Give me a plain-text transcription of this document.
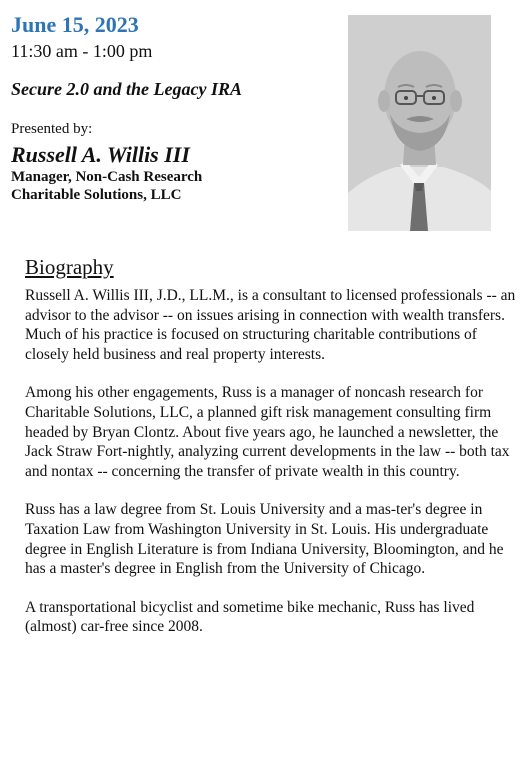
June 15, 2023
11:30 am - 1:00 pm
Secure 2.0 and the Legacy IRA
Presented by:
Russell A. Willis III
Manager, Non-Cash Research
Charitable Solutions, LLC
Biography

Russell A. Willis III, J.D., LL.M., is a consultant to licensed professionals -- an advisor to the advisor -- on issues arising in connection with wealth transfers. Much of his practice is focused on structuring charitable contributions of closely held business and real property interests.

Among his other engagements, Russ is a manager of noncash research for Charitable Solutions, LLC, a planned gift risk management consulting firm headed by Bryan Clontz. About five years ago, he launched a newsletter, the Jack Straw Fort-nightly, analyzing current developments in the law -- both tax and nontax -- concerning the transfer of private wealth in this country.

Russ has a law degree from St. Louis University and a mas-ter's degree in Taxation Law from Washington University in St. Louis. His undergraduate degree in English Literature is from Indiana University, Bloomington, and he has a master's degree in English from the University of Chicago.

A transportational bicyclist and sometime bike mechanic, Russ has lived (almost) car-free since 2008.
